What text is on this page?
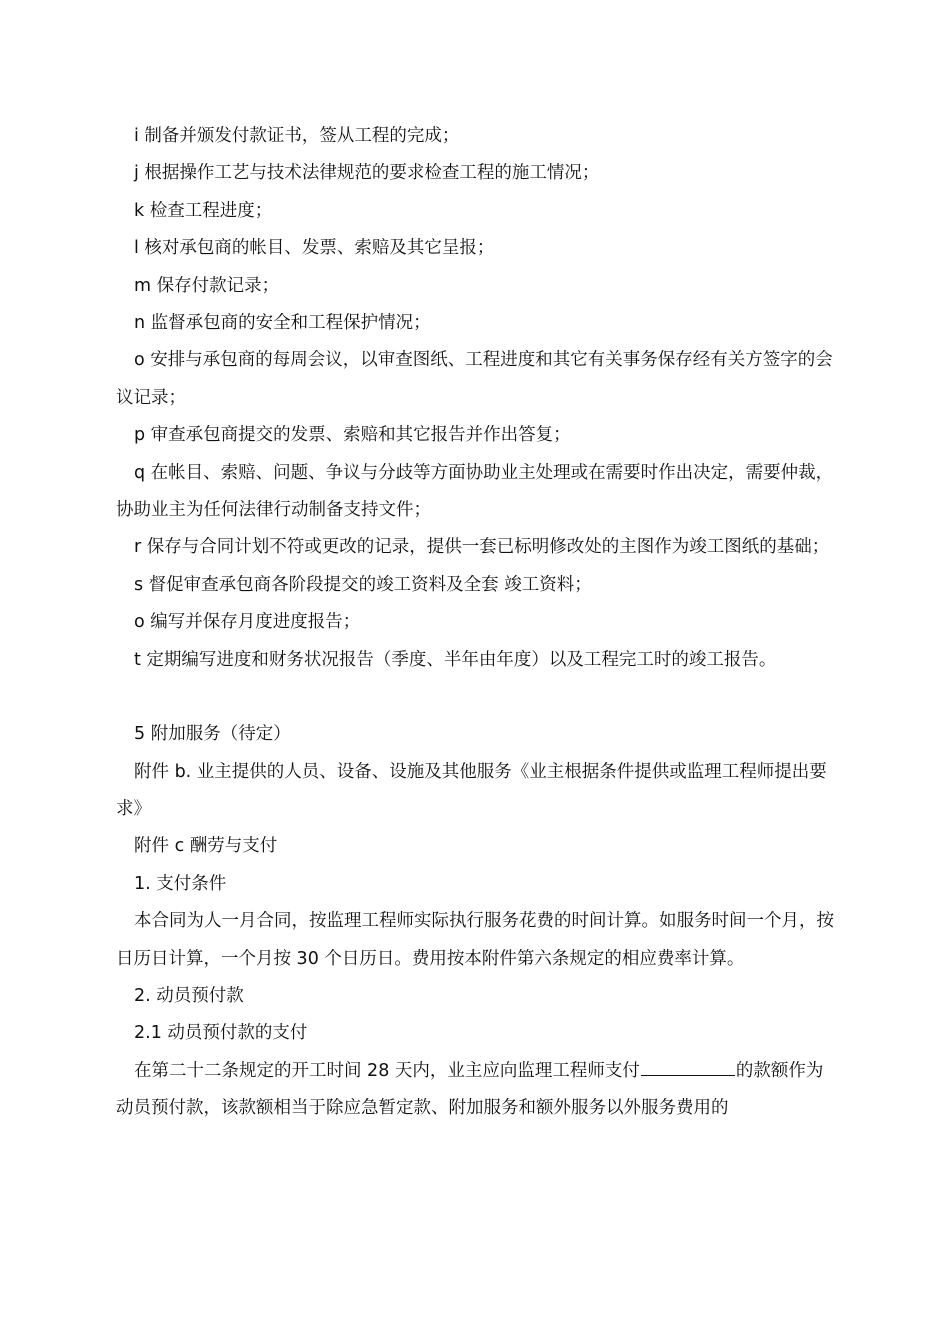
i 制备并颁发付款证书，签从工程的完成；

j 根据操作工艺与技术法律规范的要求检查工程的施工情况；

k 检查工程进度；

l 核对承包商的帐目、发票、索赔及其它呈报；

m 保存付款记录；

n 监督承包商的安全和工程保护情况；

o 安排与承包商的每周会议，以审查图纸、工程进度和其它有关事务保存经有关方签字的会议记录；

p 审查承包商提交的发票、索赔和其它报告并作出答复；

q 在帐目、索赔、问题、争议与分歧等方面协助业主处理或在需要时作出决定，需要仲裁，协助业主为任何法律行动制备支持文件；

r 保存与合同计划不符或更改的记录，提供一套已标明修改处的主图作为竣工图纸的基础；

s 督促审查承包商各阶段提交的竣工资料及全套 竣工资料；

o 编写并保存月度进度报告；

t 定期编写进度和财务状况报告（季度、半年由年度）以及工程完工时的竣工报告。

5 附加服务（待定）

附件 b. 业主提供的人员、设备、设施及其他服务《业主根据条件提供或监理工程师提出要求》

附件 c 酬劳与支付

1. 支付条件

本合同为人一月合同，按监理工程师实际执行服务花费的时间计算。如服务时间一个月，按日历日计算，一个月按 30 个日历日。费用按本附件第六条规定的相应费率计算。

2. 动员预付款

2.1 动员预付款的支付

在第二十二条规定的开工时间 28 天内，业主应向监理工程师支付	的款额作为动员预付款，该款额相当于除应急暂定款、附加服务和额外服务以外服务费用的
